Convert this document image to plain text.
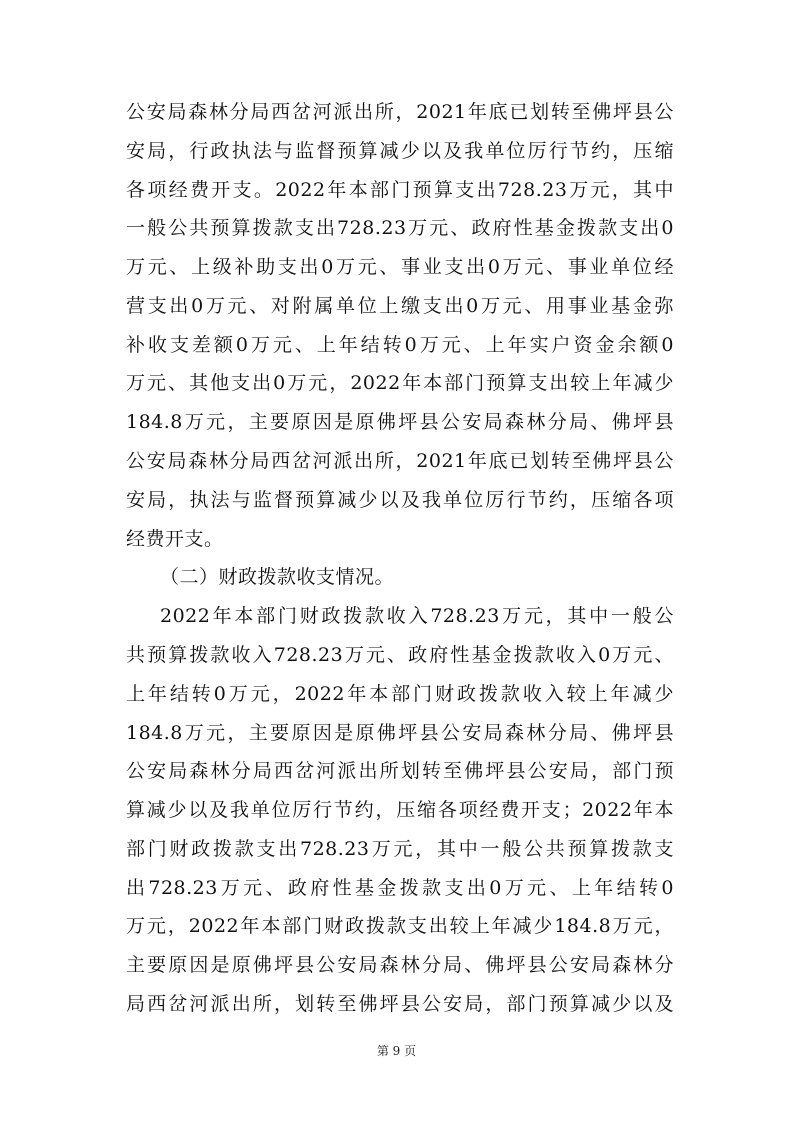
公安局森林分局西岔河派出所，2021年底已划转至佛坪县公
安局，行政执法与监督预算减少以及我单位厉行节约，压缩
各项经费开支。2022年本部门预算支出728.23万元，其中
一般公共预算拨款支出728.23万元、政府性基金拨款支出0
万元、上级补助支出0万元、事业支出0万元、事业单位经
营支出0万元、对附属单位上缴支出0万元、用事业基金弥
补收支差额0万元、上年结转0万元、上年实户资金余额0
万元、其他支出0万元，2022年本部门预算支出较上年减少
184.8万元，主要原因是原佛坪县公安局森林分局、佛坪县
公安局森林分局西岔河派出所，2021年底已划转至佛坪县公
安局，执法与监督预算减少以及我单位厉行节约，压缩各项
经费开支。
（二）财政拨款收支情况。
2022年本部门财政拨款收入728.23万元，其中一般公
共预算拨款收入728.23万元、政府性基金拨款收入0万元、
上年结转0万元，2022年本部门财政拨款收入较上年减少
184.8万元，主要原因是原佛坪县公安局森林分局、佛坪县
公安局森林分局西岔河派出所划转至佛坪县公安局，部门预
算减少以及我单位厉行节约，压缩各项经费开支；2022年本
部门财政拨款支出728.23万元，其中一般公共预算拨款支
出728.23万元、政府性基金拨款支出0万元、上年结转0
万元，2022年本部门财政拨款支出较上年减少184.8万元，
主要原因是原佛坪县公安局森林分局、佛坪县公安局森林分
局西岔河派出所，划转至佛坪县公安局，部门预算减少以及
第 9 页
